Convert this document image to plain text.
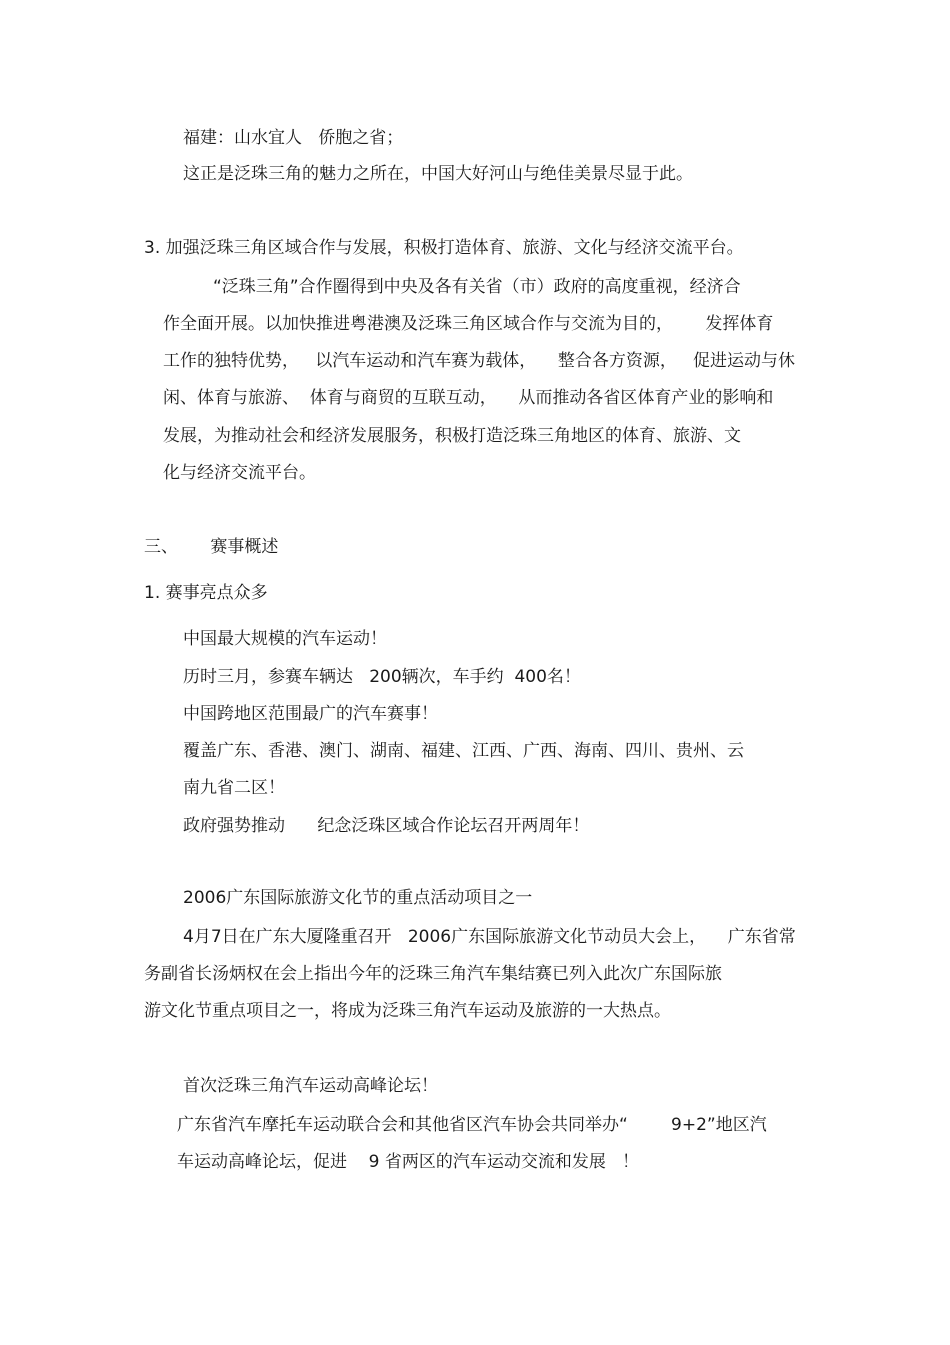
福建：山水宜人   侨胞之省；
这正是泛珠三角的魅力之所在，中国大好河山与绝佳美景尽显于此。
3. 加强泛珠三角区域合作与发展，积极打造体育、旅游、文化与经济交流平台。
“泛珠三角”合作圈得到中央及各有关省（市）政府的高度重视，经济合
作全面开展。以加快推进粤港澳及泛珠三角区域合作与交流为目的，      发挥体育
工作的独特优势，   以汽车运动和汽车赛为载体，    整合各方资源，   促进运动与休
闲、体育与旅游、  体育与商贸的互联互动，    从而推动各省区体育产业的影响和
发展，为推动社会和经济发展服务，积极打造泛珠三角地区的体育、旅游、文
化与经济交流平台。
三、      赛事概述
1. 赛事亮点众多
中国最大规模的汽车运动！
历时三月，参赛车辆达   200辆次，车手约  400名！
中国跨地区范围最广的汽车赛事！
覆盖广东、香港、澳门、湖南、福建、江西、广西、海南、四川、贵州、云
南九省二区！
政府强势推动      纪念泛珠区域合作论坛召开两周年！
2006广东国际旅游文化节的重点活动项目之一
4月7日在广东大厦隆重召开   2006广东国际旅游文化节动员大会上，    广东省常
务副省长汤炳权在会上指出今年的泛珠三角汽车集结赛已列入此次广东国际旅
游文化节重点项目之一，将成为泛珠三角汽车运动及旅游的一大热点。
首次泛珠三角汽车运动高峰论坛！
广东省汽车摩托车运动联合会和其他省区汽车协会共同举办“        9+2”地区汽
车运动高峰论坛，促进    9 省两区的汽车运动交流和发展   ！
